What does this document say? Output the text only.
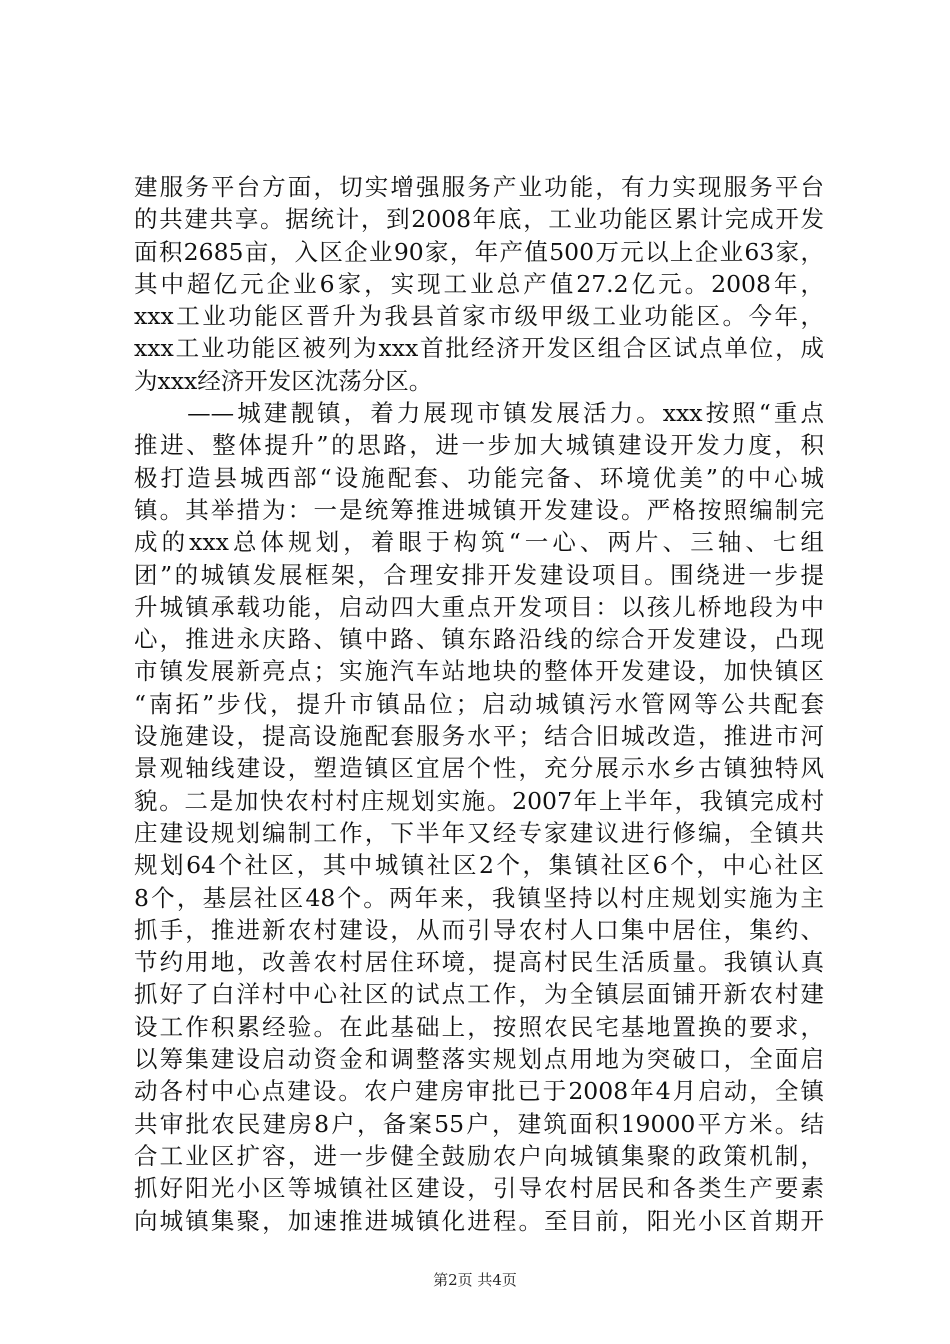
建服务平台方面，切实增强服务产业功能，有力实现服务平台
的共建共享。据统计，到2008年底，工业功能区累计完成开发
面积2685亩，入区企业90家，年产值500万元以上企业63家，
其中超亿元企业6家，实现工业总产值27.2亿元。2008年，
xxx工业功能区晋升为我县首家市级甲级工业功能区。今年，
xxx工业功能区被列为xxx首批经济开发区组合区试点单位，成
为xxx经济开发区沈荡分区。
　　——城建靓镇，着力展现市镇发展活力。xxx按照“重点
推进、整体提升”的思路，进一步加大城镇建设开发力度，积
极打造县城西部“设施配套、功能完备、环境优美”的中心城
镇。其举措为：一是统筹推进城镇开发建设。严格按照编制完
成的xxx总体规划，着眼于构筑“一心、两片、三轴、七组
团”的城镇发展框架，合理安排开发建设项目。围绕进一步提
升城镇承载功能，启动四大重点开发项目：以孩儿桥地段为中
心，推进永庆路、镇中路、镇东路沿线的综合开发建设，凸现
市镇发展新亮点；实施汽车站地块的整体开发建设，加快镇区
“南拓”步伐，提升市镇品位；启动城镇污水管网等公共配套
设施建设，提高设施配套服务水平；结合旧城改造，推进市河
景观轴线建设，塑造镇区宜居个性，充分展示水乡古镇独特风
貌。二是加快农村村庄规划实施。2007年上半年，我镇完成村
庄建设规划编制工作，下半年又经专家建议进行修编，全镇共
规划64个社区，其中城镇社区2个，集镇社区6个，中心社区
8个，基层社区48个。两年来，我镇坚持以村庄规划实施为主
抓手，推进新农村建设，从而引导农村人口集中居住，集约、
节约用地，改善农村居住环境，提高村民生活质量。我镇认真
抓好了白洋村中心社区的试点工作，为全镇层面铺开新农村建
设工作积累经验。在此基础上，按照农民宅基地置换的要求，
以筹集建设启动资金和调整落实规划点用地为突破口，全面启
动各村中心点建设。农户建房审批已于2008年4月启动，全镇
共审批农民建房8户，备案55户，建筑面积19000平方米。结
合工业区扩容，进一步健全鼓励农户向城镇集聚的政策机制，
抓好阳光小区等城镇社区建设，引导农村居民和各类生产要素
向城镇集聚，加速推进城镇化进程。至目前，阳光小区首期开
第2页 共4页
